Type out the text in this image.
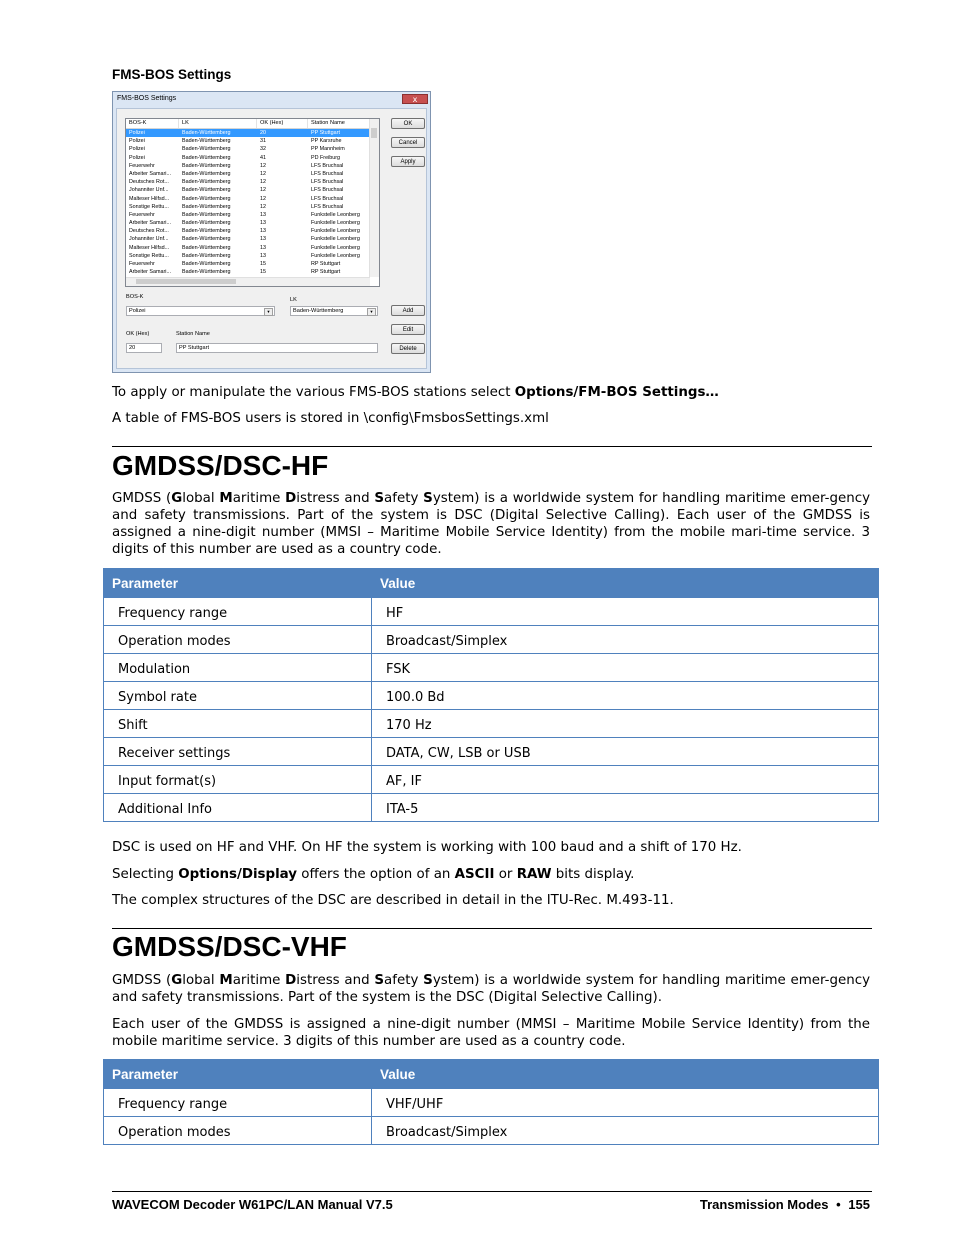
FMS-BOS Settings
FMS-BOS Settings	x
BOS-K	LK	OK (Hex)	Station Name
Polizei	Baden-Württemberg	20	PP Stuttgart
Polizei	Baden-Württemberg	31	PP Karsruhe
Polizei	Baden-Württemberg	32	PP Mannheim
Polizei	Baden-Württemberg	41	PD Freiburg
Feuerwehr	Baden-Württemberg	12	LFS Bruchsal
Arbeiter Samari...	Baden-Württemberg	12	LFS Bruchsal
Deutsches Rot...	Baden-Württemberg	12	LFS Bruchsal
Johanniter Unf...	Baden-Württemberg	12	LFS Bruchsal
Malteser Hilfsd...	Baden-Württemberg	12	LFS Bruchsal
Sonstige Rettu...	Baden-Württemberg	12	LFS Bruchsal
Feuerwehr	Baden-Württemberg	13	Funkstelle Leonberg
Arbeiter Samari...	Baden-Württemberg	13	Funkstelle Leonberg
Deutsches Rot...	Baden-Württemberg	13	Funkstelle Leonberg
Johanniter Unf...	Baden-Württemberg	13	Funkstelle Leonberg
Malteser Hilfsd...	Baden-Württemberg	13	Funkstelle Leonberg
Sonstige Rettu...	Baden-Württemberg	13	Funkstelle Leonberg
Feuerwehr	Baden-Württemberg	15	RP Stuttgart
Arbeiter Samari...	Baden-Württemberg	15	RP Stuttgart
OK
Cancel
Apply
BOS-K
Polizei	▼
LK
Baden-Württemberg	▼	Add
OK (Hex)	Station Name
Edit
20	PP Stuttgart	Delete
To apply or manipulate the various FMS-BOS stations select Options/FM-BOS Settings…
A table of FMS-BOS users is stored in \config\FmsbosSettings.xml
GMDSS/DSC-HF
GMDSS (Global Maritime Distress and Safety System) is a worldwide system for handling maritime emer-gency and safety transmissions. Part of the system is DSC (Digital Selective Calling). Each user of the GMDSS is assigned a nine-digit number (MMSI – Maritime Mobile Service Identity) from the mobile mari-time service. 3 digits of this number are used as a country code.
Parameter	Value
Frequency range	HF
Operation modes	Broadcast/Simplex
Modulation	FSK
Symbol rate	100.0 Bd
Shift	170 Hz
Receiver settings	DATA, CW, LSB or USB
Input format(s)	AF, IF
Additional Info	ITA-5
DSC is used on HF and VHF. On HF the system is working with 100 baud and a shift of 170 Hz.
Selecting Options/Display offers the option of an ASCII or RAW bits display.
The complex structures of the DSC are described in detail in the ITU-Rec. M.493-11.
GMDSS/DSC-VHF
GMDSS (Global Maritime Distress and Safety System) is a worldwide system for handling maritime emer-gency and safety transmissions. Part of the system is the DSC (Digital Selective Calling).
Each user of the GMDSS is assigned a nine-digit number (MMSI – Maritime Mobile Service Identity) from the mobile maritime service. 3 digits of this number are used as a country code.
Parameter	Value
Frequency range	VHF/UHF
Operation modes	Broadcast/Simplex
WAVECOM Decoder W61PC/LAN Manual V7.5	Transmission Modes • 155
